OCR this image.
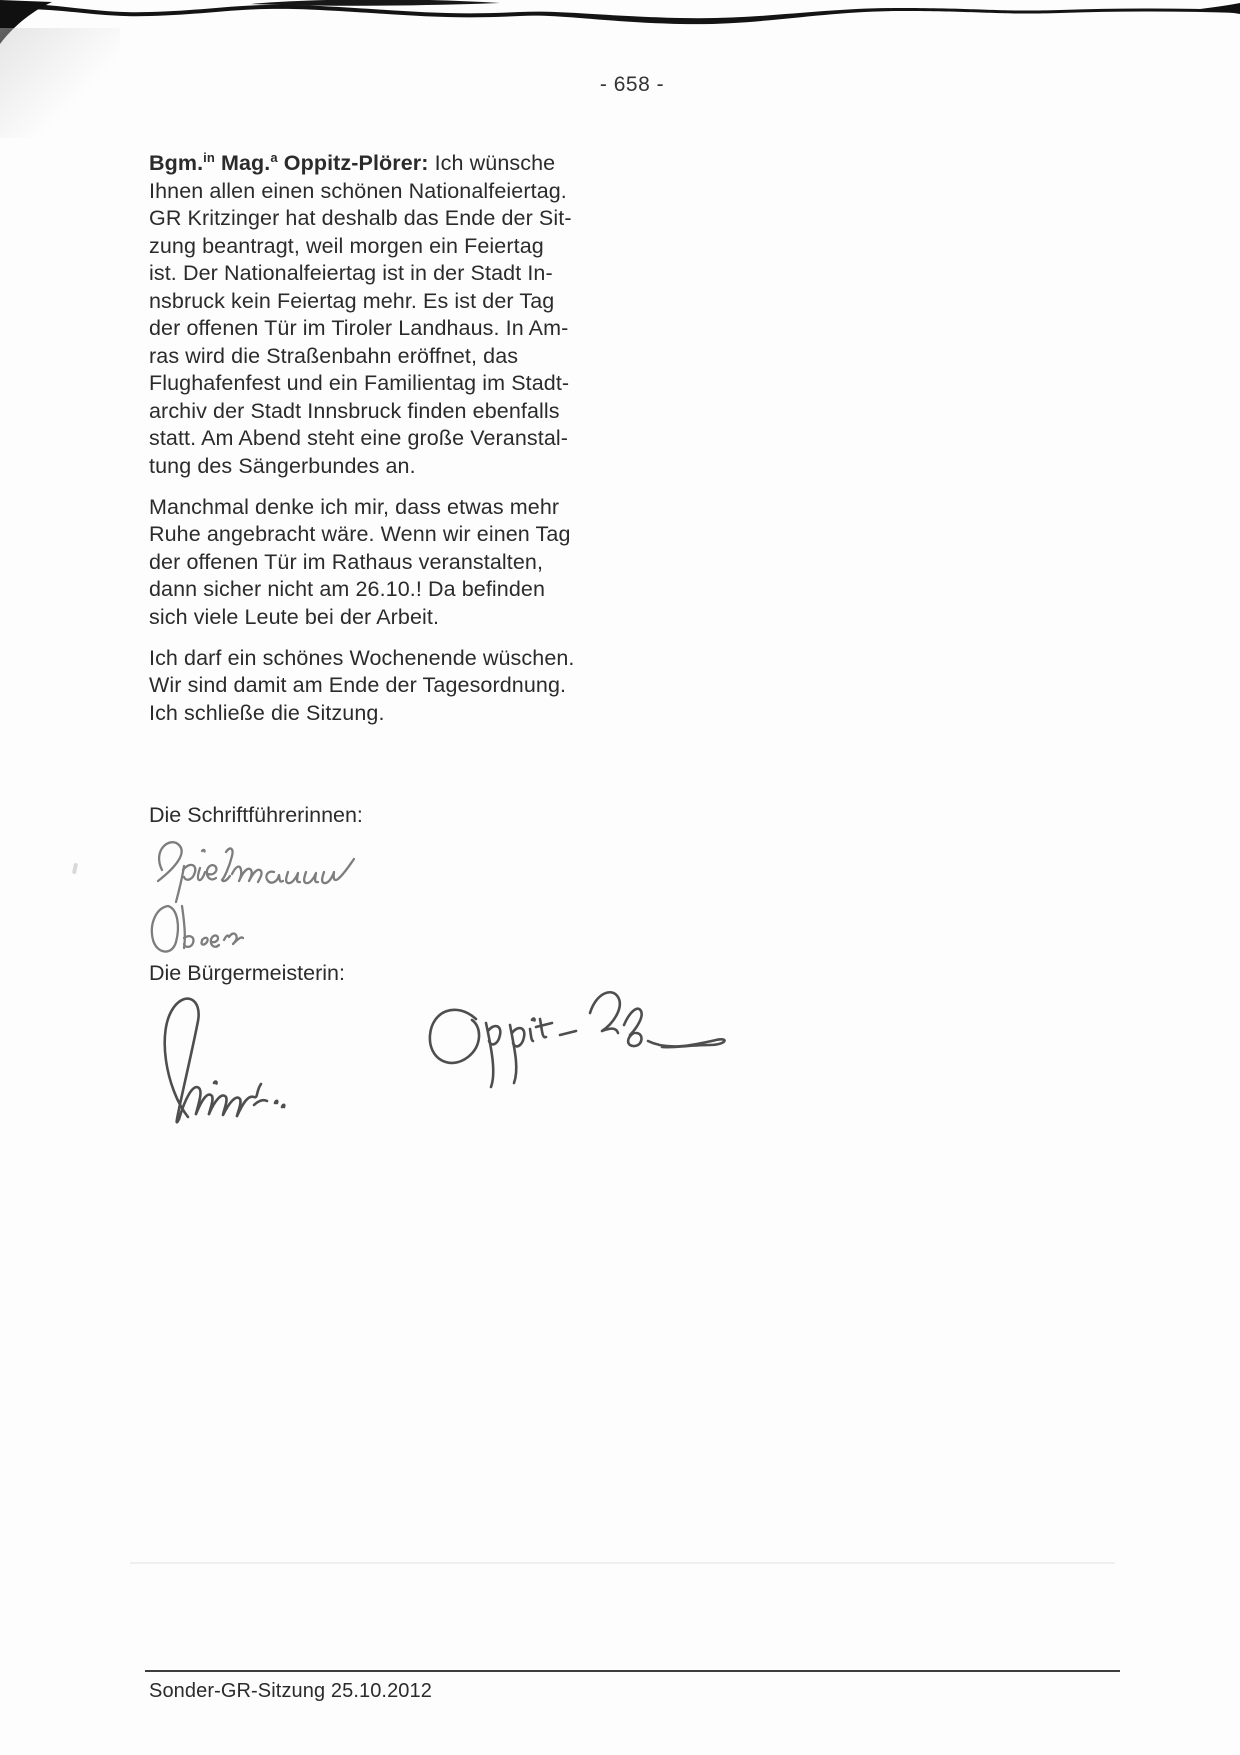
- 658 -
Bgm.$^{in}$ Mag.$^a$ Oppitz-Plörer: Ich wünsche
Ihnen allen einen schönen Nationalfeiertag.
GR Kritzinger hat deshalb das Ende der Sit-
zung beantragt, weil morgen ein Feiertag
ist. Der Nationalfeiertag ist in der Stadt In-
nsbruck kein Feiertag mehr. Es ist der Tag
der offenen Tür im Tiroler Landhaus. In Am-
ras wird die Straßenbahn eröffnet, das
Flughafenfest und ein Familientag im Stadt-
archiv der Stadt Innsbruck finden ebenfalls
statt. Am Abend steht eine große Veranstal-
tung des Sängerbundes an.
Manchmal denke ich mir, dass etwas mehr
Ruhe angebracht wäre. Wenn wir einen Tag
der offenen Tür im Rathaus veranstalten,
dann sicher nicht am 26.10.! Da befinden
sich viele Leute bei der Arbeit.
Ich darf ein schönes Wochenende wüschen.
Wir sind damit am Ende der Tagesordnung.
Ich schließe die Sitzung.
Die Schriftführerinnen:
Die Bürgermeisterin:
Sonder-GR-Sitzung 25.10.2012
